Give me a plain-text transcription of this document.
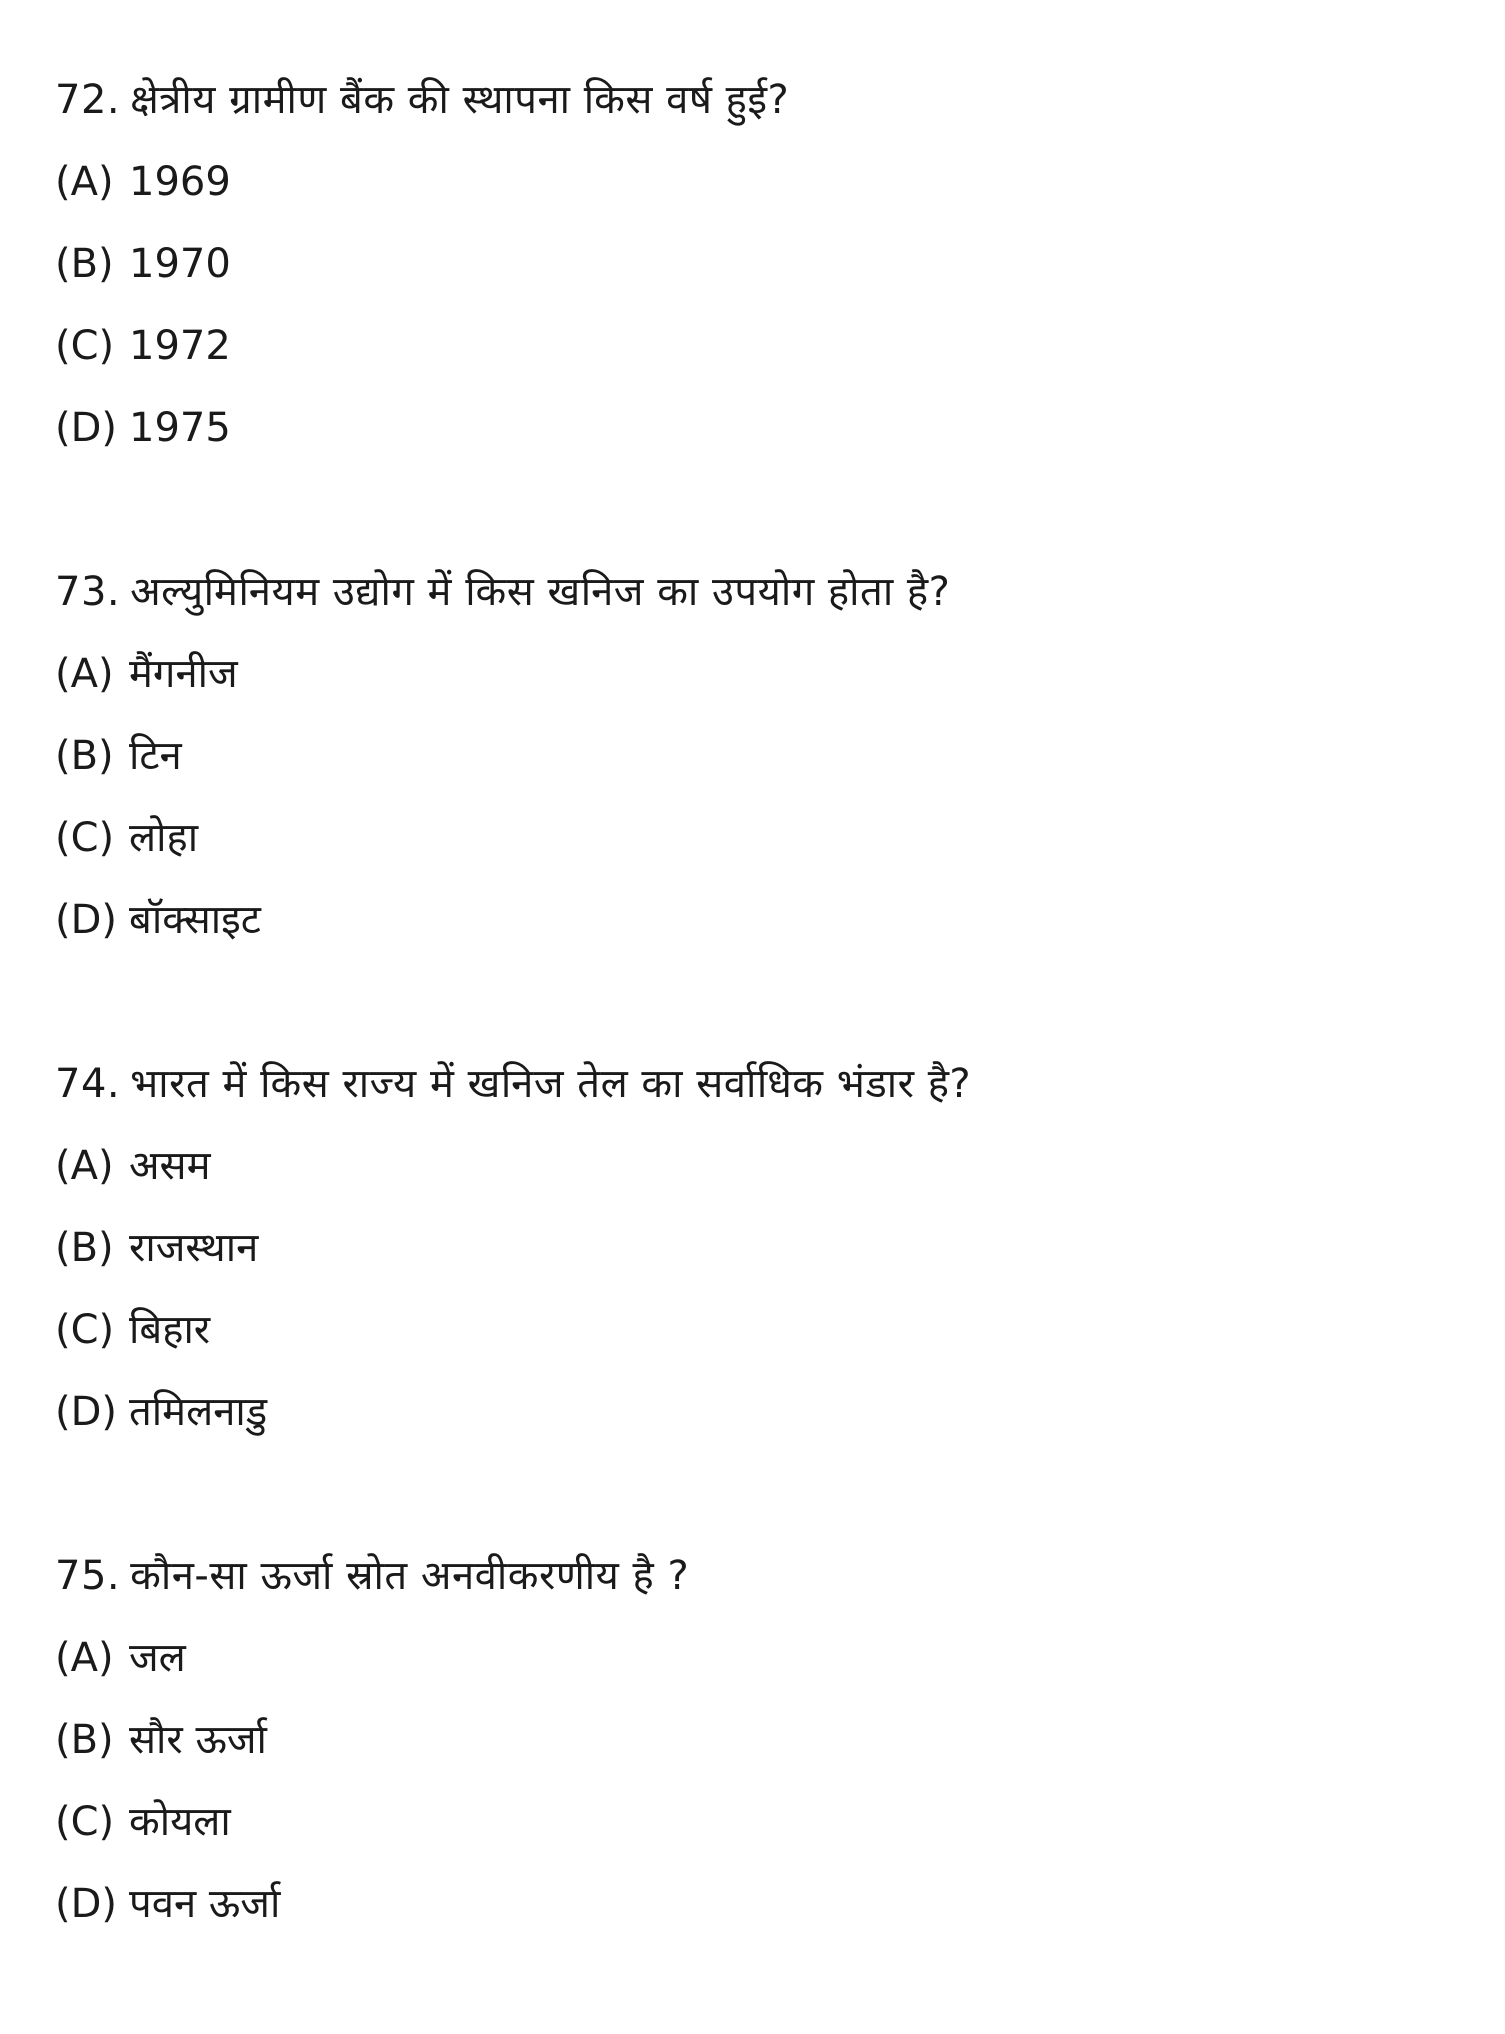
72. क्षेत्रीय ग्रामीण बैंक की स्थापना किस वर्ष हुई?
(A) 1969
(B) 1970
(C) 1972
(D) 1975
73. अल्युमिनियम उद्योग में किस खनिज का उपयोग होता है?
(A) मैंगनीज
(B) टिन
(C) लोहा
(D) बॉक्साइट
74. भारत में किस राज्य में खनिज तेल का सर्वाधिक भंडार है?
(A) असम
(B) राजस्थान
(C) बिहार
(D) तमिलनाडु
75. कौन-सा ऊर्जा स्रोत अनवीकरणीय है ?
(A) जल
(B) सौर ऊर्जा
(C) कोयला
(D) पवन ऊर्जा
